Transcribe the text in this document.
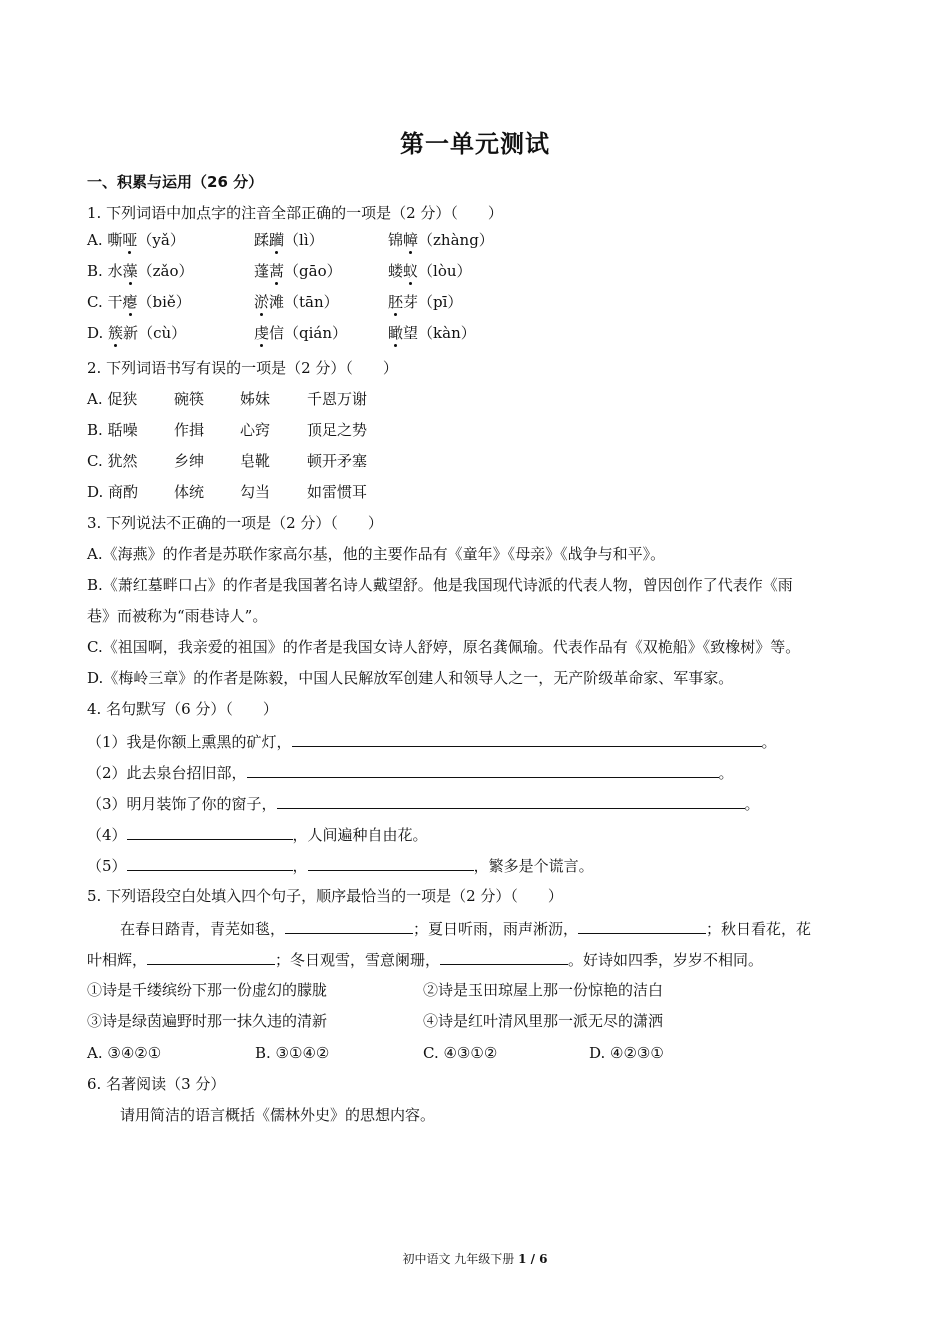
第一单元测试
一、积累与运用（26 分）
1. 下列词语中加点字的注音全部正确的一项是（2 分）（　　）
A. 嘶哑（yǎ）	蹂躏（lì）	锦幛（zhàng）
B. 水藻（zǎo）	蓬蒿（gāo）	蝼蚁（lòu）
C. 干瘪（biě）	淤滩（tān）	胚芽（pī）
D. 簇新（cù）	虔信（qián）	瞰望（kàn）
2. 下列词语书写有误的一项是（2 分）（　　）
A. 促狭 碗筷 姊妹 千恩万谢
B. 聒噪 作揖 心窍 顶足之势
C. 犹然 乡绅 皂靴 顿开矛塞
D. 商酌 体统 勾当 如雷惯耳
3. 下列说法不正确的一项是（2 分）（　　）
A.《海燕》的作者是苏联作家高尔基，他的主要作品有《童年》《母亲》《战争与和平》。
B.《萧红墓畔口占》的作者是我国著名诗人戴望舒。他是我国现代诗派的代表人物，曾因创作了代表作《雨
巷》而被称为“雨巷诗人”。
C.《祖国啊，我亲爱的祖国》的作者是我国女诗人舒婷，原名龚佩瑜。代表作品有《双桅船》《致橡树》等。
D.《梅岭三章》的作者是陈毅，中国人民解放军创建人和领导人之一，无产阶级革命家、军事家。
4. 名句默写（6 分）（　　）
（1）我是你额上熏黑的矿灯，	。
（2）此去泉台招旧部，	。
（3）明月装饰了你的窗子，	。
（4）	，人间遍种自由花。
（5）	，	，繁多是个谎言。
5. 下列语段空白处填入四个句子，顺序最恰当的一项是（2 分）（　　）
在春日踏青，青芜如毯，	；夏日听雨，雨声淅沥，	；秋日看花，花
叶相辉，	；冬日观雪，雪意阑珊，	。好诗如四季，岁岁不相同。
①诗是千缕缤纷下那一份虚幻的朦胧	②诗是玉田琼屋上那一份惊艳的洁白
③诗是绿茵遍野时那一抹久违的清新	④诗是红叶清风里那一派无尽的潇洒
A. ③④②①	B. ③①④②	C. ④③①②	D. ④②③①
6. 名著阅读（3 分）
请用简洁的语言概括《儒林外史》的思想内容。
初中语文 九年级下册 1 / 6
